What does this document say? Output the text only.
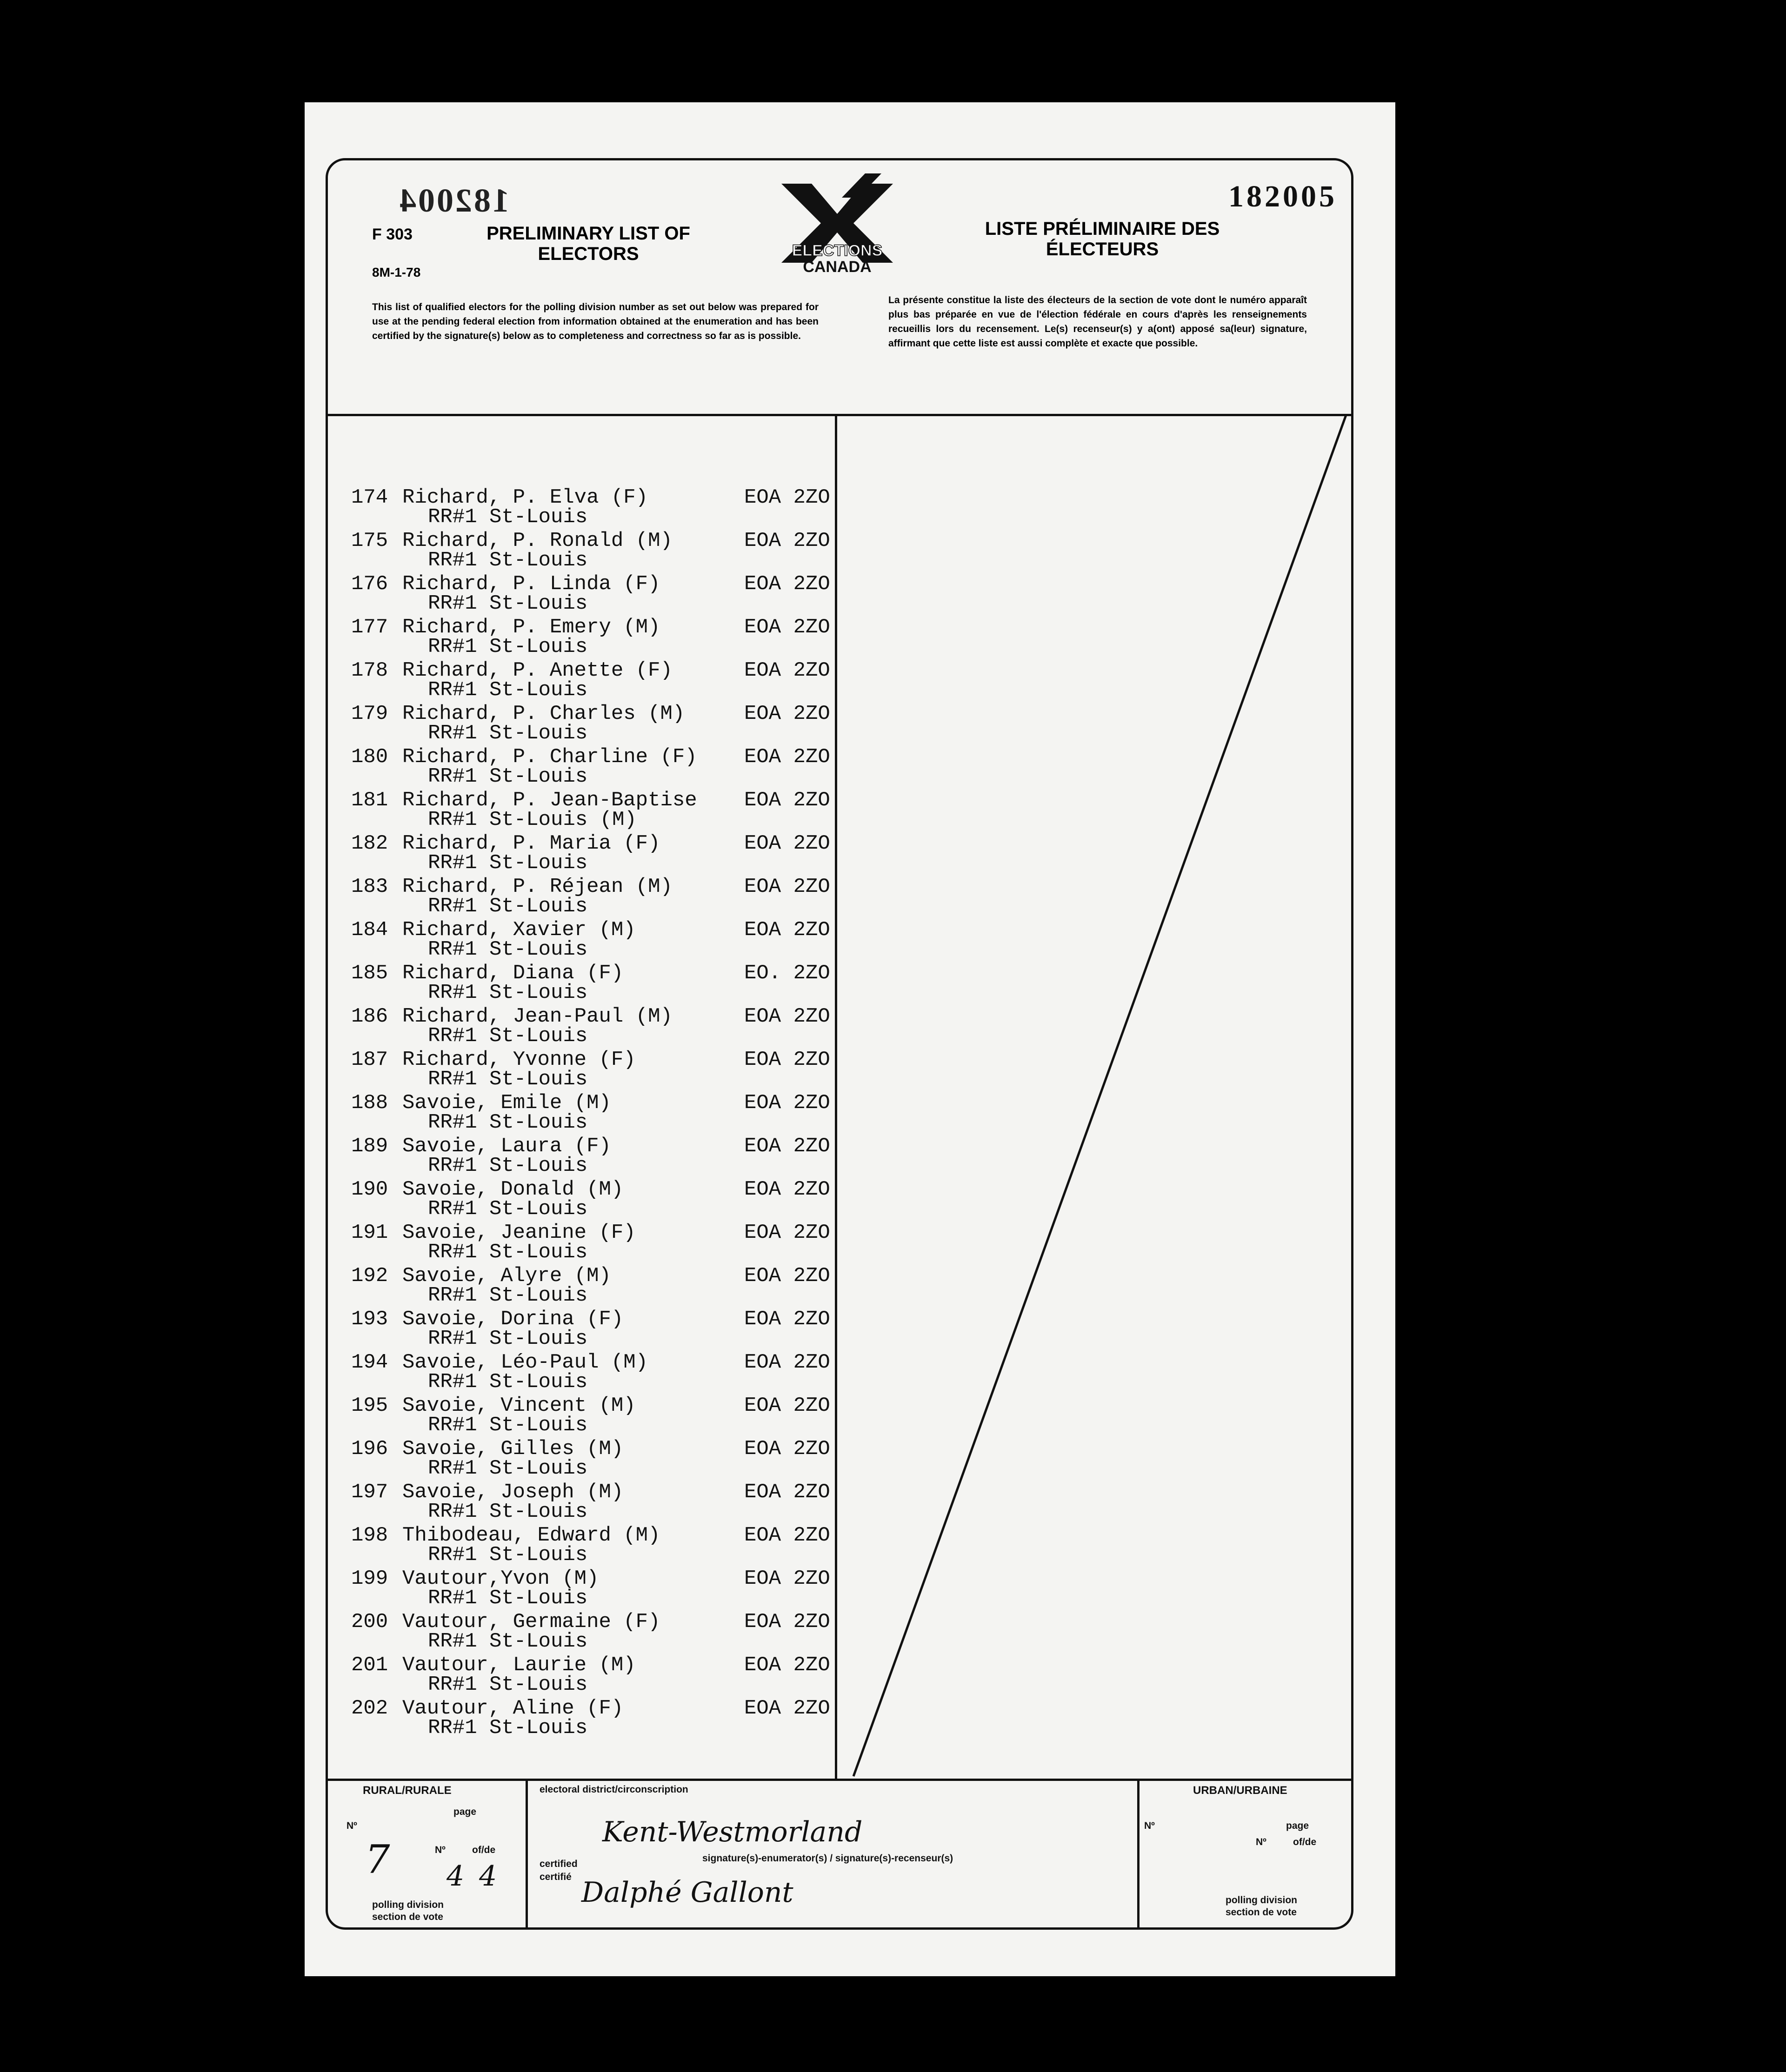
182004	182005
F 303
8M-1-78
PRELIMINARY LIST OF ELECTORS
LISTE PRÉLIMINAIRE DES ÉLECTEURS
ELECTIONS
CANADA
This list of qualified electors for the polling division number as set out below was prepared for use at the pending federal election from information obtained at the enumeration and has been certified by the signature(s) below as to completeness and correctness so far as is possible.
La présente constitue la liste des électeurs de la section de vote dont le numéro apparaît plus bas préparée en vue de l'élection fédérale en cours d'après les renseignements recueillis lors du recensement. Le(s) recenseur(s) y a(ont) apposé sa(leur) signature, affirmant que cette liste est aussi complète et exacte que possible.
174 Richard, P. Elva (F)	EOA 2ZO
RR#1 St-Louis
175 Richard, P. Ronald (M)	EOA 2ZO
RR#1 St-Louis
176 Richard, P. Linda (F)	EOA 2ZO
RR#1 St-Louis
177 Richard, P. Emery (M)	EOA 2ZO
RR#1 St-Louis
178 Richard, P. Anette (F)	EOA 2ZO
RR#1 St-Louis
179 Richard, P. Charles (M)	EOA 2ZO
RR#1 St-Louis
180 Richard, P. Charline (F) EOA 2ZO
RR#1 St-Louis
181 Richard, P. Jean-Baptise EOA 2ZO
RR#1 St-Louis (M)
182 Richard, P. Maria (F)	EOA 2ZO
RR#1 St-Louis
183 Richard, P. Réjean (M)	EOA 2ZO
RR#1 St-Louis
184 Richard, Xavier (M)	EOA 2ZO
RR#1 St-Louis
185 Richard, Diana (F)	EO. 2ZO
RR#1 St-Louis
186 Richard, Jean-Paul (M)	EOA 2ZO
RR#1 St-Louis
187 Richard, Yvonne (F)	EOA 2ZO
RR#1 St-Louis
188 Savoie, Emile (M)	EOA 2ZO
RR#1 St-Louis
189 Savoie, Laura (F)	EOA 2ZO
RR#1 St-Louis
190 Savoie, Donald (M)	EOA 2ZO
RR#1 St-Louis
191 Savoie, Jeanine (F)	EOA 2ZO
RR#1 St-Louis
192 Savoie, Alyre (M)	EOA 2ZO
RR#1 St-Louis
193 Savoie, Dorina (F)	EOA 2ZO
RR#1 St-Louis
194 Savoie, Léo-Paul (M)	EOA 2ZO
RR#1 St-Louis
195 Savoie, Vincent (M)	EOA 2ZO
RR#1 St-Louis
196 Savoie, Gilles (M)	EOA 2ZO
RR#1 St-Louis
197 Savoie, Joseph (M)	EOA 2ZO
RR#1 St-Louis
198 Thibodeau, Edward (M)	EOA 2ZO
RR#1 St-Louis
199 Vautour,Yvon (M)	EOA 2ZO
RR#1 St-Louis
200 Vautour, Germaine (F)	EOA 2ZO
RR#1 St-Louis
201 Vautour, Laurie (M)	EOA 2ZO
RR#1 St-Louis
202 Vautour, Aline (F)	EOA 2ZO
RR#1 St-Louis
RURAL/RURALE
Nº
page
Nº	of/de
7 4 4
polling division
section de vote
electoral district/circonscription
Kent-Westmorland
certified
certifié
signature(s)-enumerator(s) / signature(s)-recenseur(s)
Dalphé Gallont
URBAN/URBAINE
Nº	page
Nº	of/de
polling division
section de vote
